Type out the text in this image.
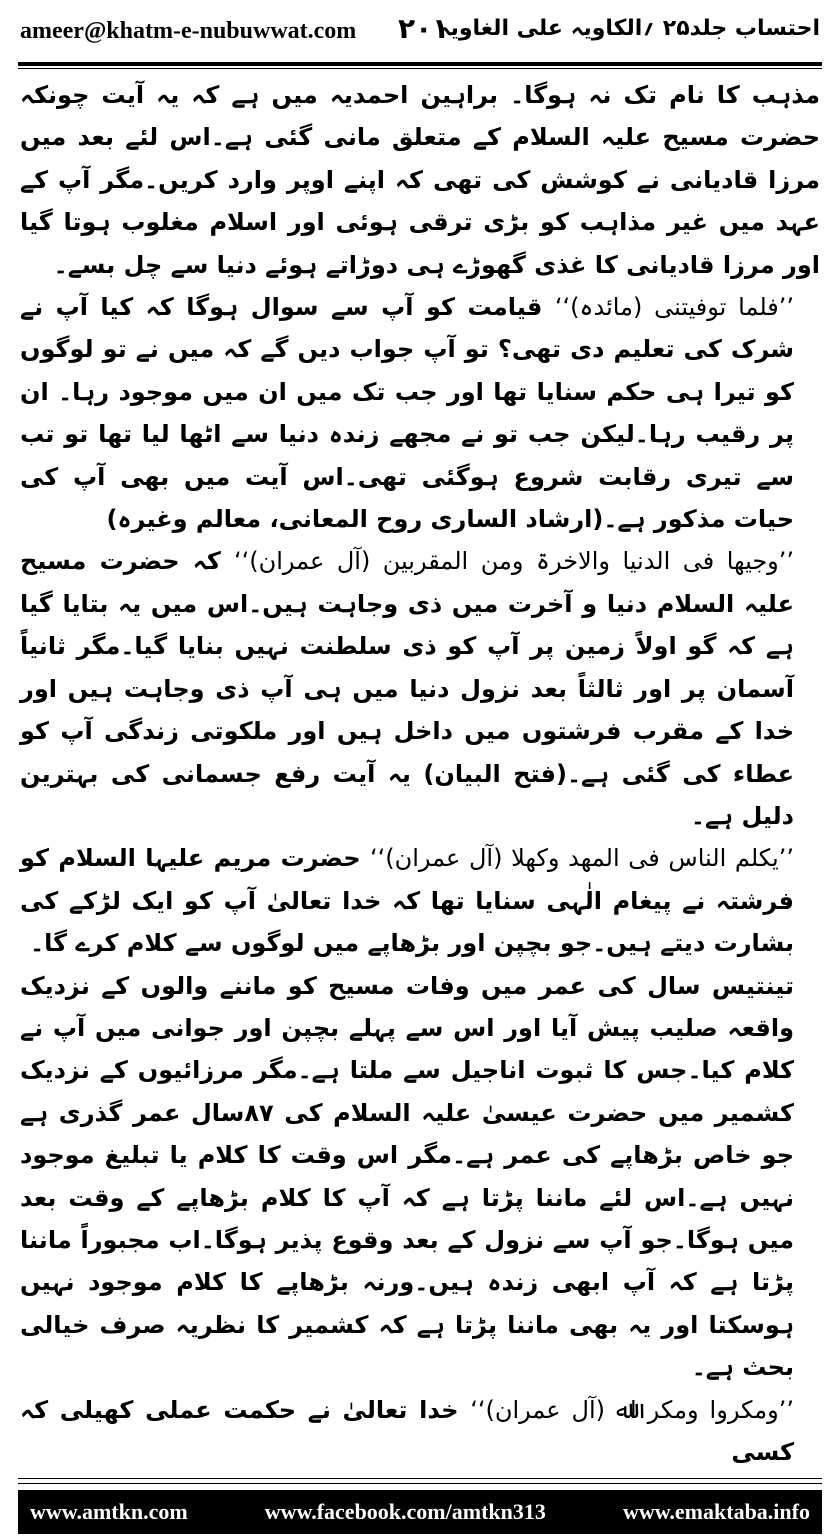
ameer@khatm-e-nubuwwat.com ۲۰۱
احتساب جلد۲۵ ؍الکاویہ علی الغاویہ

مذہب کا نام تک نہ ہوگا۔ براہین احمدیہ میں ہے کہ یہ آیت چونکہ حضرت مسیح علیہ السلام کے متعلق مانی گئی ہے۔اس لئے بعد میں مرزا قادیانی نے کوشش کی تھی کہ اپنے اوپر وارد کریں۔مگر آپ کے عہد میں غیر مذاہب کو بڑی ترقی ہوئی اور اسلام مغلوب ہوتا گیا اور مرزا قادیانی کا غذی گھوڑے ہی دوڑاتے ہوئے دنیا سے چل بسے۔

’’فلما توفیتنی (مائدہ)‘‘ قیامت کو آپ سے سوال ہوگا کہ کیا آپ نے شرک کی تعلیم دی تھی؟ تو آپ جواب دیں گے کہ میں نے تو لوگوں کو تیرا ہی حکم سنایا تھا اور جب تک میں ان میں موجود رہا۔ ان پر رقیب رہا۔لیکن جب تو نے مجھے زندہ دنیا سے اٹھا لیا تھا تو تب سے تیری رقابت شروع ہوگئی تھی۔اس آیت میں بھی آپ کی حیات مذکور ہے۔(ارشاد الساری روح المعانی، معالم وغیرہ)

’’وجیھا فی الدنیا والاخرۃ ومن المقربین (آل عمران)‘‘ کہ حضرت مسیح علیہ السلام دنیا و آخرت میں ذی وجاہت ہیں۔اس میں یہ بتایا گیا ہے کہ گو اولاً زمین پر آپ کو ذی سلطنت نہیں بنایا گیا۔مگر ثانیاً آسمان پر اور ثالثاً بعد نزول دنیا میں ہی آپ ذی وجاہت ہیں اور خدا کے مقرب فرشتوں میں داخل ہیں اور ملکوتی زندگی آپ کو عطاء کی گئی ہے۔(فتح البیان) یہ آیت رفع جسمانی کی بہترین دلیل ہے۔

’’یکلم الناس فی المھد وکھلا (آل عمران)‘‘ حضرت مریم علیہا السلام کو فرشتہ نے پیغام الٰہی سنایا تھا کہ خدا تعالیٰ آپ کو ایک لڑکے کی بشارت دیتے ہیں۔جو بچپن اور بڑھاپے میں لوگوں سے کلام کرے گا۔

تینتیس سال کی عمر میں وفات مسیح کو ماننے والوں کے نزدیک واقعہ صلیب پیش آیا اور اس سے پہلے بچپن اور جوانی میں آپ نے کلام کیا۔جس کا ثبوت اناجیل سے ملتا ہے۔مگر مرزائیوں کے نزدیک کشمیر میں حضرت عیسیٰ علیہ السلام کی ۸۷سال عمر گذری ہے جو خاص بڑھاپے کی عمر ہے۔مگر اس وقت کا کلام یا تبلیغ موجود نہیں ہے۔اس لئے ماننا پڑتا ہے کہ آپ کا کلام بڑھاپے کے وقت بعد میں ہوگا۔جو آپ سے نزول کے بعد وقوع پذیر ہوگا۔اب مجبوراً ماننا پڑتا ہے کہ آپ ابھی زندہ ہیں۔ورنہ بڑھاپے کا کلام موجود نہیں ہوسکتا اور یہ بھی ماننا پڑتا ہے کہ کشمیر کا نظریہ صرف خیالی بحث ہے۔

’’ومکروا ومکر اﷲ (آل عمران)‘‘ خدا تعالیٰ نے حکمت عملی کھیلی کہ کسی

www.amtkn.com	www.facebook.com/amtkn313	www.emaktaba.info
